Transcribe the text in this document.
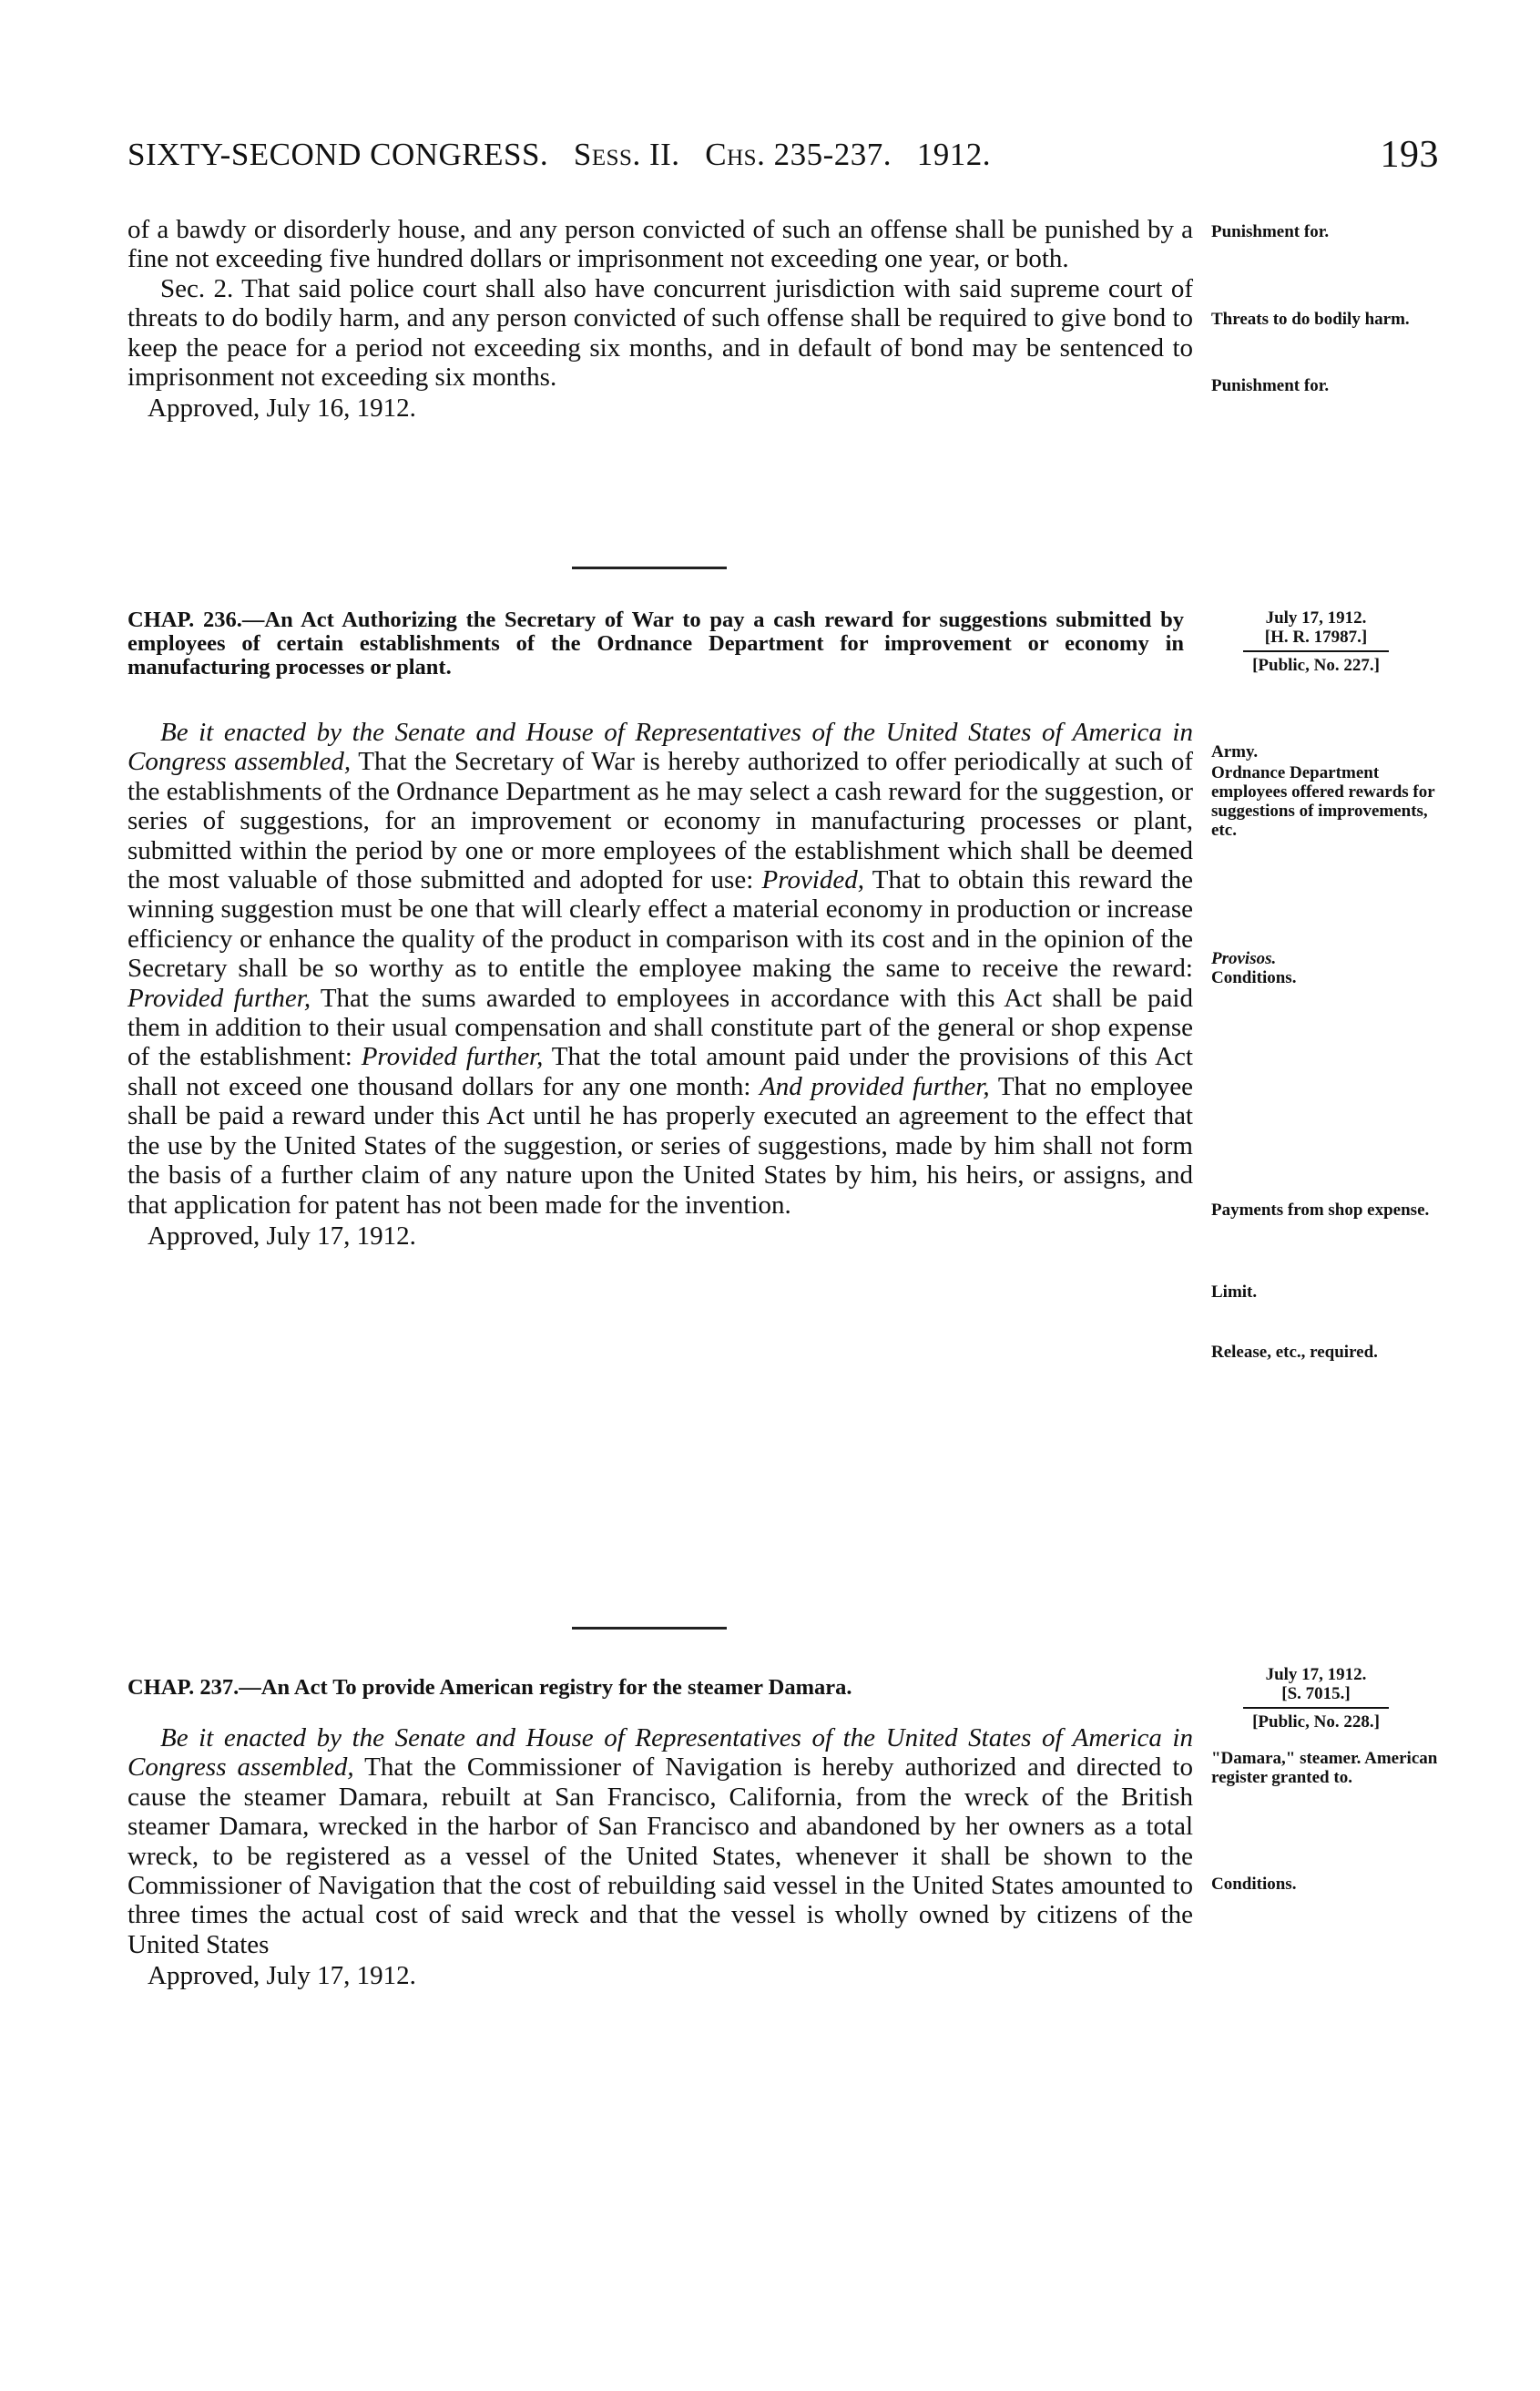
SIXTY-SECOND CONGRESS. Sess. II. Chs. 235-237. 1912.	193

of a bawdy or disorderly house, and any person convicted of such an offense shall be punished by a fine not exceeding five hundred dollars or imprisonment not exceeding one year, or both.

Sec. 2. That said police court shall also have concurrent jurisdiction with said supreme court of threats to do bodily harm, and any person convicted of such offense shall be required to give bond to keep the peace for a period not exceeding six months, and in default of bond may be sentenced to imprisonment not exceeding six months.

Approved, July 16, 1912.

Punishment for.
Threats to do bodily harm.
Punishment for.
CHAP. 236.—An Act Authorizing the Secretary of War to pay a cash reward for suggestions submitted by employees of certain establishments of the Ordnance Department for improvement or economy in manufacturing processes or plant.
July 17, 1912.
[H. R. 17987.]
[Public, No. 227.]

Be it enacted by the Senate and House of Representatives of the United States of America in Congress assembled, That the Secretary of War is hereby authorized to offer periodically at such of the establishments of the Ordnance Department as he may select a cash reward for the suggestion, or series of suggestions, for an improvement or economy in manufacturing processes or plant, submitted within the period by one or more employees of the establishment which shall be deemed the most valuable of those submitted and adopted for use: Provided, That to obtain this reward the winning suggestion must be one that will clearly effect a material economy in production or increase efficiency or enhance the quality of the product in comparison with its cost and in the opinion of the Secretary shall be so worthy as to entitle the employee making the same to receive the reward: Provided further, That the sums awarded to employees in accordance with this Act shall be paid them in addition to their usual compensation and shall constitute part of the general or shop expense of the establishment: Provided further, That the total amount paid under the provisions of this Act shall not exceed one thousand dollars for any one month: And provided further, That no employee shall be paid a reward under this Act until he has properly executed an agreement to the effect that the use by the United States of the suggestion, or series of suggestions, made by him shall not form the basis of a further claim of any nature upon the United States by him, his heirs, or assigns, and that application for patent has not been made for the invention.

Approved, July 17, 1912.

Army.
Ordnance Department employees offered rewards for suggestions of improvements, etc.
Provisos.
Conditions.
Payments from shop expense.
Limit.
Release, etc., required.
CHAP. 237.—An Act To provide American registry for the steamer Damara.
July 17, 1912.
[S. 7015.]
[Public, No. 228.]

Be it enacted by the Senate and House of Representatives of the United States of America in Congress assembled, That the Commissioner of Navigation is hereby authorized and directed to cause the steamer Damara, rebuilt at San Francisco, California, from the wreck of the British steamer Damara, wrecked in the harbor of San Francisco and abandoned by her owners as a total wreck, to be registered as a vessel of the United States, whenever it shall be shown to the Commissioner of Navigation that the cost of rebuilding said vessel in the United States amounted to three times the actual cost of said wreck and that the vessel is wholly owned by citizens of the United States

Approved, July 17, 1912.

"Damara," steamer. American register granted to.
Conditions.
